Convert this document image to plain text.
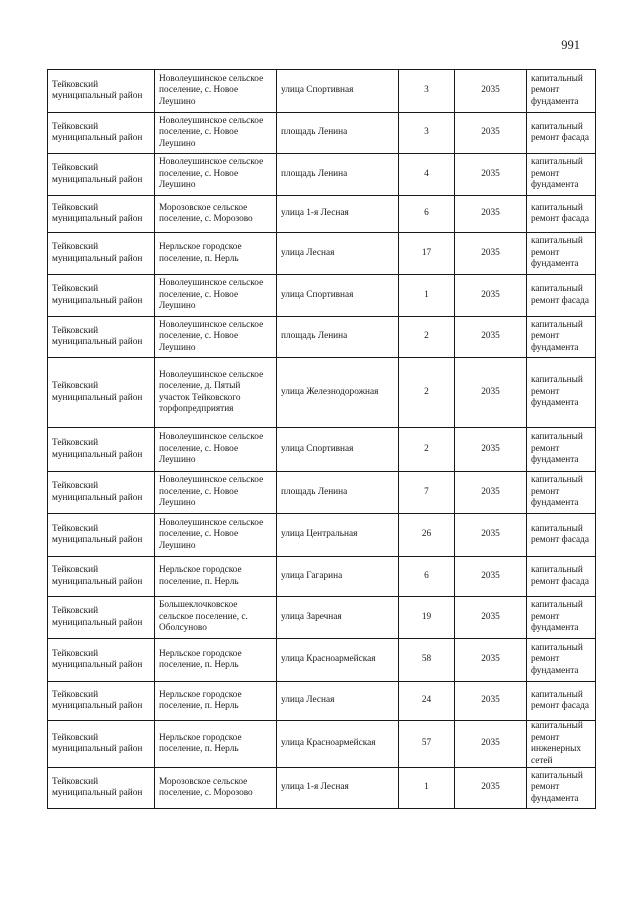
991
Тейковский муниципальный район	Новолеушинское сельское поселение, с. Новое Леушино	улица Спортивная	3	2035	капитальный ремонт фундамента
Тейковский муниципальный район	Новолеушинское сельское поселение, с. Новое Леушино	площадь Ленина	3	2035	капитальный ремонт фасада
Тейковский муниципальный район	Новолеушинское сельское поселение, с. Новое Леушино	площадь Ленина	4	2035	капитальный ремонт фундамента
Тейковский муниципальный район	Морозовское сельское поселение, с. Морозово	улица 1-я Лесная	6	2035	капитальный ремонт фасада
Тейковский муниципальный район	Нерльское городское поселение, п. Нерль	улица Лесная	17	2035	капитальный ремонт фундамента
Тейковский муниципальный район	Новолеушинское сельское поселение, с. Новое Леушино	улица Спортивная	1	2035	капитальный ремонт фасада
Тейковский муниципальный район	Новолеушинское сельское поселение, с. Новое Леушино	площадь Ленина	2	2035	капитальный ремонт фундамента
Тейковский муниципальный район	Новолеушинское сельское поселение, д. Пятый участок Тейковского торфопредприятия	улица Железнодорожная	2	2035	капитальный ремонт фундамента
Тейковский муниципальный район	Новолеушинское сельское поселение, с. Новое Леушино	улица Спортивная	2	2035	капитальный ремонт фундамента
Тейковский муниципальный район	Новолеушинское сельское поселение, с. Новое Леушино	площадь Ленина	7	2035	капитальный ремонт фундамента
Тейковский муниципальный район	Новолеушинское сельское поселение, с. Новое Леушино	улица Центральная	26	2035	капитальный ремонт фасада
Тейковский муниципальный район	Нерльское городское поселение, п. Нерль	улица Гагарина	6	2035	капитальный ремонт фасада
Тейковский муниципальный район	Большеклочковское сельское поселение, с. Оболсуново	улица Заречная	19	2035	капитальный ремонт фундамента
Тейковский муниципальный район	Нерльское городское поселение, п. Нерль	улица Красноармейская	58	2035	капитальный ремонт фундамента
Тейковский муниципальный район	Нерльское городское поселение, п. Нерль	улица Лесная	24	2035	капитальный ремонт фасада
Тейковский муниципальный район	Нерльское городское поселение, п. Нерль	улица Красноармейская	57	2035	капитальный ремонт инженерных сетей
Тейковский муниципальный район	Морозовское сельское поселение, с. Морозово	улица 1-я Лесная	1	2035	капитальный ремонт фундамента
